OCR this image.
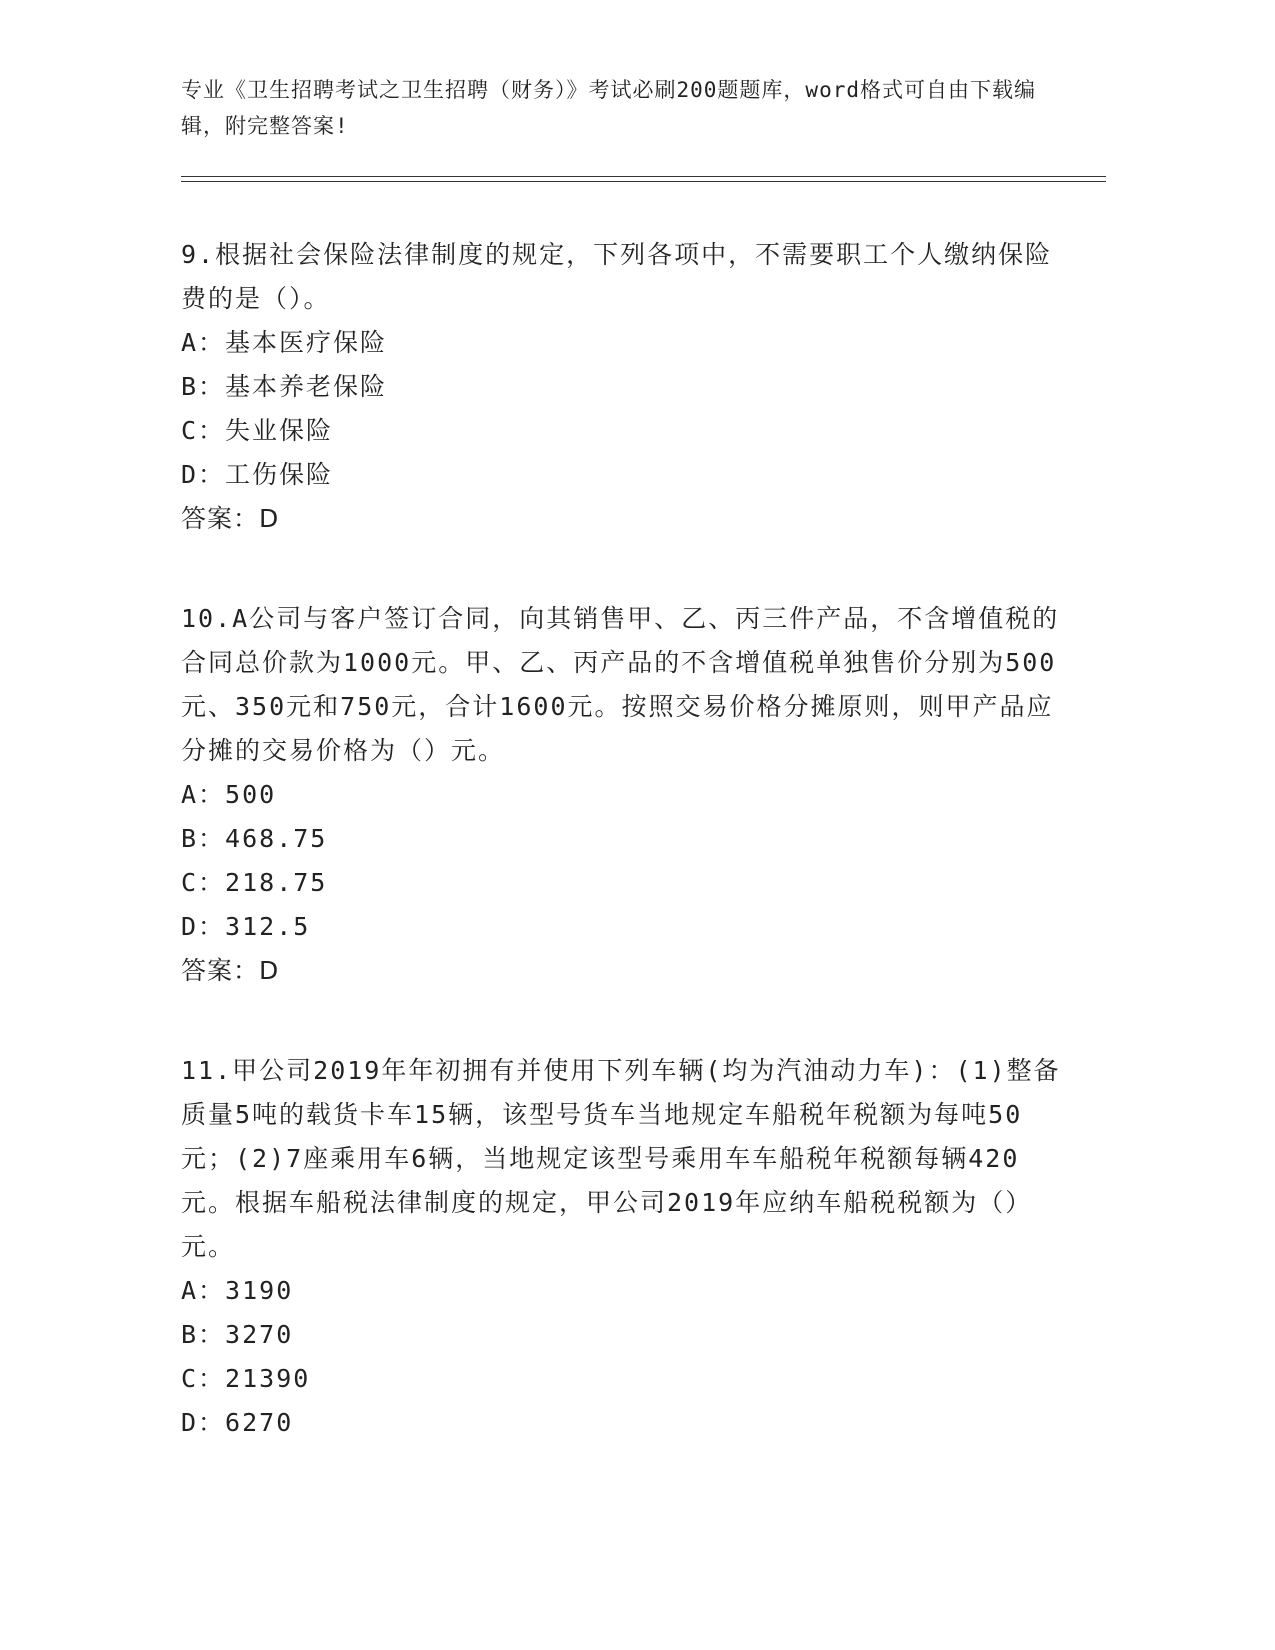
专业《卫生招聘考试之卫生招聘（财务）》考试必刷200题题库，word格式可自由下载编辑，附完整答案!

9.根据社会保险法律制度的规定，下列各项中，不需要职工个人缴纳保险费的是（）。

A：基本医疗保险

B：基本养老保险

C：失业保险

D：工伤保险

答案：D

10.A公司与客户签订合同，向其销售甲、乙、丙三件产品，不含增值税的合同总价款为1000元。甲、乙、丙产品的不含增值税单独售价分别为500元、350元和750元，合计1600元。按照交易价格分摊原则，则甲产品应分摊的交易价格为（）元。

A：500

B：468.75

C：218.75

D：312.5

答案：D

11.甲公司2019年年初拥有并使用下列车辆(均为汽油动力车)：(1)整备质量5吨的载货卡车15辆，该型号货车当地规定车船税年税额为每吨50元；(2)7座乘用车6辆，当地规定该型号乘用车车船税年税额每辆420元。根据车船税法律制度的规定，甲公司2019年应纳车船税税额为（）元。

A：3190

B：3270

C：21390

D：6270
